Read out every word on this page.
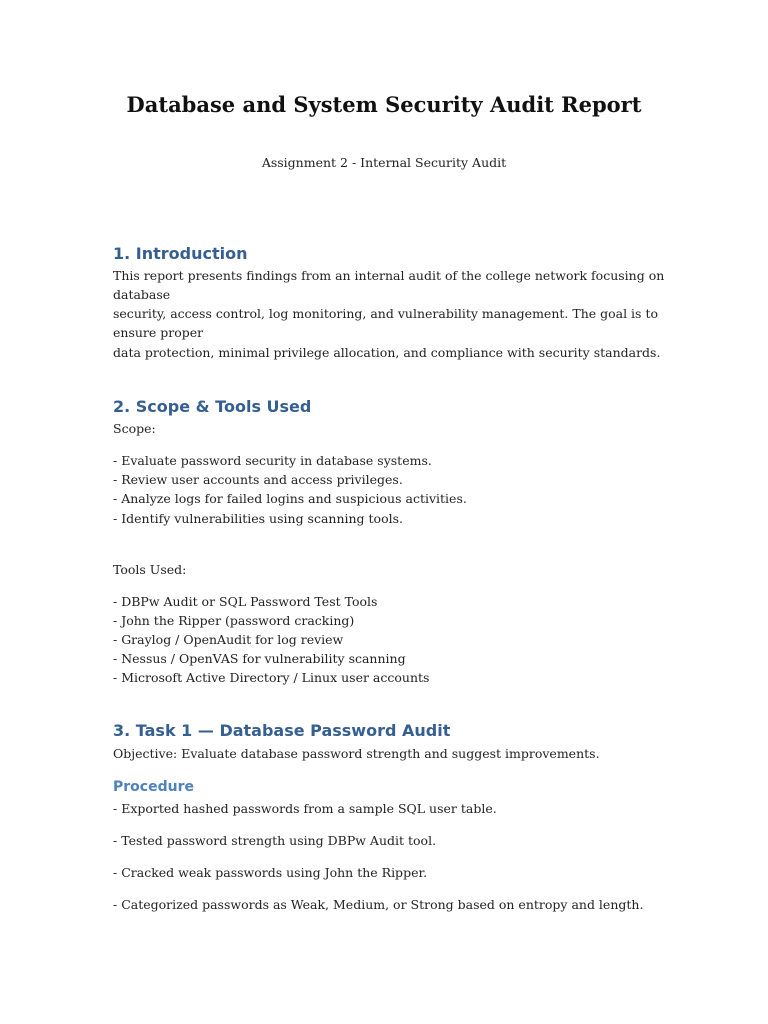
Database and System Security Audit Report

Assignment 2 - Internal Security Audit

1. Introduction

This report presents findings from an internal audit of the college network focusing on

database

security, access control, log monitoring, and vulnerability management. The goal is to

ensure proper

data protection, minimal privilege allocation, and compliance with security standards.

2. Scope & Tools Used

Scope:

- Evaluate password security in database systems.

- Review user accounts and access privileges.

- Analyze logs for failed logins and suspicious activities.

- Identify vulnerabilities using scanning tools.

Tools Used:

- DBPw Audit or SQL Password Test Tools

- John the Ripper (password cracking)

- Graylog / OpenAudit for log review

- Nessus / OpenVAS for vulnerability scanning

- Microsoft Active Directory / Linux user accounts

3. Task 1 — Database Password Audit

Objective: Evaluate database password strength and suggest improvements.

Procedure

- Exported hashed passwords from a sample SQL user table.

- Tested password strength using DBPw Audit tool.

- Cracked weak passwords using John the Ripper.

- Categorized passwords as Weak, Medium, or Strong based on entropy and length.
